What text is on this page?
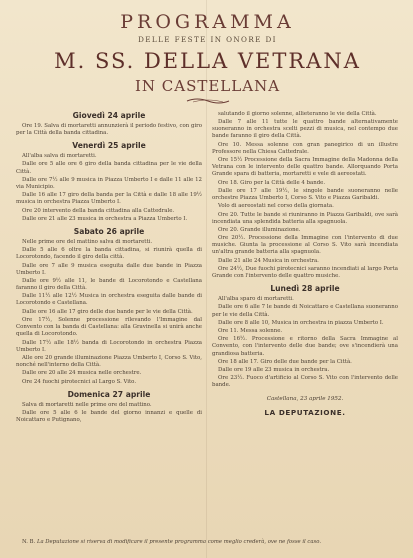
PROGRAMMA
DELLE FESTE IN ONORE DI
M. SS. DELLA VETRANA
IN CASTELLANA
Giovedì 24 aprile

Ore 19. Salva di mortaretti annunzierà il periodo festivo, con giro per la Città della banda cittadina.

Venerdì 25 aprile

All'alba salva di mortaretti.

Dalle ore 5 alle ore 6 giro della banda cittadina per le vie della Città.

Dalle ore 7½ alle 9 musica in Piazza Umberto I e dalle 11 alle 12 via Municipio.

Dalle 16 alle 17 giro della banda per la Città e dalle 18 alle 19½ musica in orchestra Piazza Umberto I.

Ore 20 intervento della banda cittadina alla Cattedrale.

Dalle ore 21 alle 23 musica in orchestra a Piazza Umberto I.

Sabato 26 aprile

Nelle prime ore del mattino salva di mortaretti.

Dalle 5 alle 6 oltre la banda cittadina, si riunirà quella di Locorotondo, facendo il giro della città.

Dalle ore 7 alle 9 musica eseguita dalle due bande in Piazza Umberto I.

Dalle ore 9½ alle 11, le bande di Locorotondo e Castellana faranno il giro della Città.

Dalle 11½ alle 12½ Musica in orchestra eseguita dalle bande di Locorotondo e Castellana.

Dalle ore 16 alle 17 giro delle due bande per le vie della Città.

Ore 17½, Solenne processione rilevando l'Immagine dal Convento con la banda di Castellana: alla Gravinella si unirà anche quella di Locorotondo.

Dalle 17½ alle 18½ banda di Locorotondo in orchestra Piazza Umberto I.

Alle ore 20 grande illuminazione Piazza Umberto I, Corso S. Vito, nonché nell'interno della Città.

Dalle ore 20 alle 24 musica nelle orchestre.

Ore 24 fuochi pirotecnici al Largo S. Vito.

Domenica 27 aprile

Salva di mortaretti nelle prime ore del mattino.

Dalle ore 5 alle 6 le bande del giorno innanzi e quelle di Noicattaro e Putignano,

salutando il giorno solenne, allieteranno le vie della Città.

Dalle 7 alle 11 tutte le quattro bande alternativamente suoneranno in orchestra scelti pezzi di musica, nel contempo due bande faranno il giro della Città.

Ore 10. Messa solenne con gran panegirico di un illustre Professore nella Chiesa Cattedrale.

Ore 15½ Processione della Sacra Immagine della Madonna della Vetrana con le intervento delle quattro bande. Allorquando Porta Grande spara di batteria, mortaretti e vele di aereostati.

Ore 18. Giro per la Città delle 4 bande.

Dalle ore 17 alle 19½, le singole bande suoneranno nelle orchestre Piazza Umberto I, Corso S. Vito e Piazza Garibaldi.

Volo di aereostati nel corso della giornata.

Ore 20. Tutte le bande si riuniranno in Piazza Garibaldi, ove sarà incendiata una splendida batteria alla spagnuola.

Ore 20. Grande illuminazione.

Ore 20½. Processione della Immagine con l'intervento di due musiche. Giunta la processione al Corso S. Vito sarà incendiata un'altra grande batteria alla spagnuola.

Dalle 21 alle 24 Musica in orchestra.

Ore 24½, Due fuochi pirotecnici saranno incendiati al largo Porta Grande con l'intervento delle quattro musiche.

Lunedì 28 aprile

All'alba sparo di mortaretti.

Dalle ore 6 alle 7 le bande di Noicattaro e Castellana suoneranno per le vie della Città.

Dalle ore 8 alle 10, Musica in orchestra in piazza Umberto I.

Ore 11. Messa solenne.

Ore 16½. Processione e ritorno della Sacra Immagine al Convento, con l'intervento delle due bande; ove s'incendierà una grandiosa batteria.

Ore 18 alle 17. Giro delle due bande per la Città.

Dalle ore 19 alle 23 musica in orchestra.

Ore 23½. Fuoco d'artificio al Corso S. Vito con l'intervento delle bande.

Castellana, 23 aprile 1952.
LA DEPUTAZIONE.
N. B. La Deputazione si riserva di modificare il presente programma come meglio crederà, ove ne fosse il caso.
